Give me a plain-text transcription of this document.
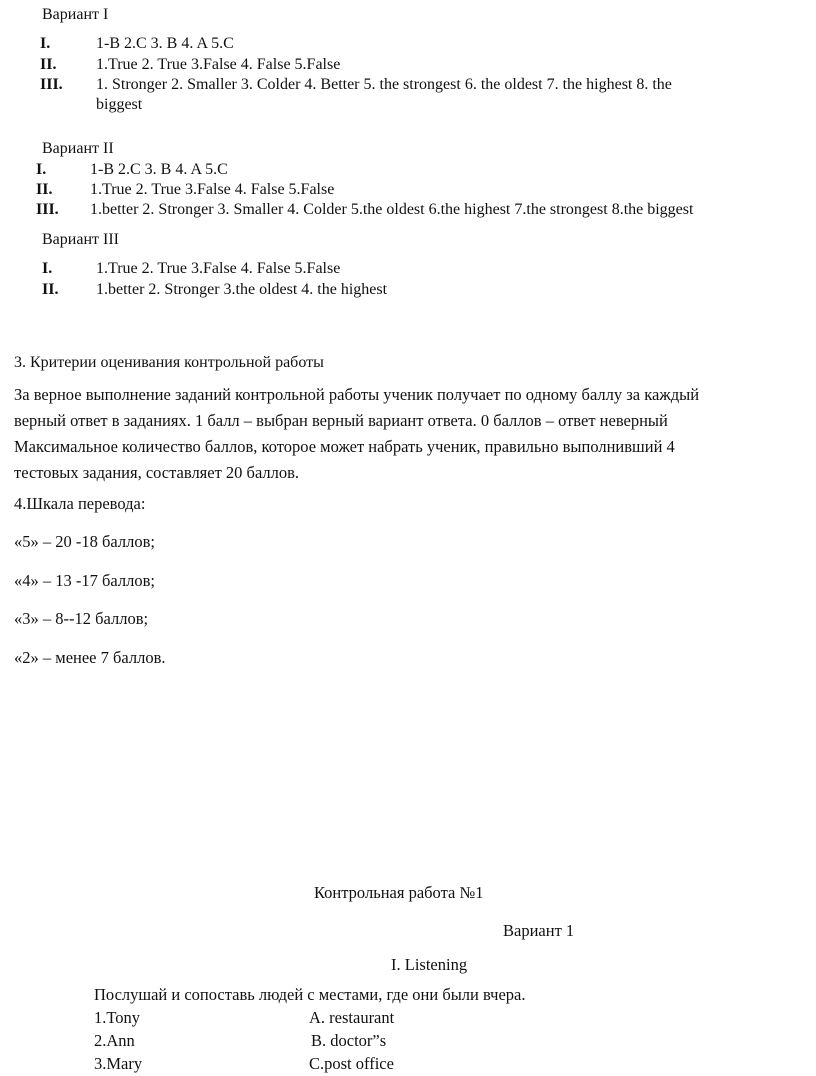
Вариант I
I.	1-B 2.C 3. B 4. A 5.C
II. 1.True 2. True 3.False 4. False 5.False
III. 1. Stronger 2. Smaller 3. Colder 4. Better 5. the strongest 6. the oldest 7. the highest 8. the
biggest
Вариант II
I.	1-B 2.C 3. B 4. A 5.C
II. 1.True 2. True 3.False 4. False 5.False
III. 1.better 2. Stronger 3. Smaller 4. Colder 5.the oldest 6.the highest 7.the strongest 8.the biggest
Вариант III
I.	1.True 2. True 3.False 4. False 5.False
II. 1.better 2. Stronger 3.the oldest 4. the highest
3. Критерии оценивания контрольной работы
За верное выполнение заданий контрольной работы ученик получает по одному баллу за каждый
верный ответ в заданиях. 1 балл – выбран верный вариант ответа. 0 баллов – ответ неверный
Максимальное количество баллов, которое может набрать ученик, правильно выполнивший 4
тестовых задания, составляет 20 баллов.
4.Шкала перевода:
«5» – 20 -18 баллов;
«4» – 13 -17 баллов;
«3» – 8--12 баллов;
«2» – менее 7 баллов.
Контрольная работа №1
Вариант 1
I. Listening
Послушай и сопоставь людей с местами, где они были вчера.
1.Tony	A. restaurant
2.Ann	B. doctor”s
3.Mary	C.post office
